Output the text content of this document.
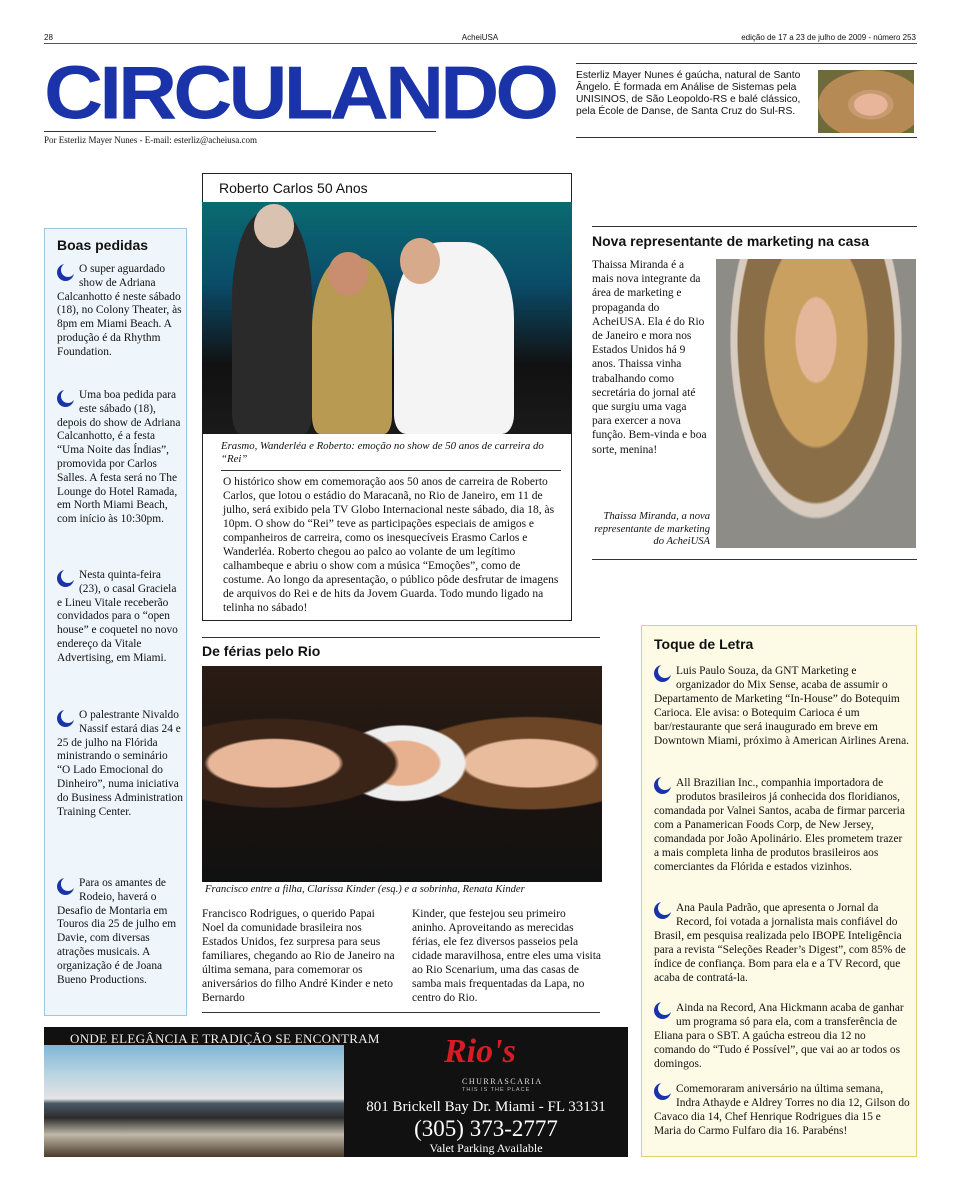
28	AcheiUSA	edição de 17 a 23 de julho de 2009 - número 253
CIRCULANDO
Por Esterliz Mayer Nunes - E-mail: esterliz@acheiusa.com
Esterliz Mayer Nunes é gaúcha, natural de Santo Ângelo. É formada em Análise de Sistemas pela UNISINOS, de São Leopoldo-RS e balé clássico, pela École de Danse, de Santa Cruz do Sul-RS.
Boas pedidas
O super aguardado show de Adriana Calcanhotto é neste sábado (18), no Colony Theater, às 8pm em Miami Beach. A produção é da Rhythm Foundation.
Uma boa pedida para este sábado (18), depois do show de Adriana Calcanhotto, é a festa “Uma Noite das Índias”, promovida por Carlos Salles. A festa será no The Lounge do Hotel Ramada, em North Miami Beach, com início às 10:30pm.
Nesta quinta-feira (23), o casal Graciela e Lineu Vitale receberão convidados para o “open house” e coquetel no novo endereço da Vitale Advertising, em Miami.
O palestrante Nivaldo Nassif estará dias 24 e 25 de julho na Flórida ministrando o seminário “O Lado Emocional do Dinheiro”, numa iniciativa do Business Administration Training Center.
Para os amantes de Rodeio, haverá o Desafio de Montaria em Touros dia 25 de julho em Davie, com diversas atrações musicais. A organização é de Joana Bueno Productions.
Roberto Carlos 50 Anos
Erasmo, Wanderléa e Roberto: emoção no show de 50 anos de carreira do “Rei”
O histórico show em comemoração aos 50 anos de carreira de Roberto Carlos, que lotou o estádio do Maracanã, no Rio de Janeiro, em 11 de julho, será exibido pela TV Globo Internacional neste sábado, dia 18, às 10pm. O show do “Rei” teve as participações especiais de amigos e companheiros de carreira, como os inesquecíveis Erasmo Carlos e Wanderléa. Roberto chegou ao palco ao volante de um legítimo calhambeque e abriu o show com a música “Emoções”, como de costume. Ao longo da apresentação, o público pôde desfrutar de imagens de arquivos do Rei e de hits da Jovem Guarda. Todo mundo ligado na telinha no sábado!
Nova representante de marketing na casa
Thaissa Miranda é a mais nova integrante da área de marketing e propaganda do AcheiUSA. Ela é do Rio de Janeiro e mora nos Estados Unidos há 9 anos. Thaissa vinha trabalhando como secretária do jornal até que surgiu uma vaga para exercer a nova função. Bem-vinda e boa sorte, menina!
Thaissa Miranda, a nova representante de marketing do AcheiUSA
De férias pelo Rio
Francisco entre a filha, Clarissa Kinder (esq.) e a sobrinha, Renata Kinder
Francisco Rodrigues, o querido Papai Noel da comunidade brasileira nos Estados Unidos, fez surpresa para seus familiares, chegando ao Rio de Janeiro na última semana, para comemorar os aniversários do filho André Kinder e neto Bernardo
Kinder, que festejou seu primeiro aninho. Aproveitando as merecidas férias, ele fez diversos passeios pela cidade maravilhosa, entre eles uma visita ao Rio Scenarium, uma das casas de samba mais frequentadas da Lapa, no centro do Rio.
ONDE ELEGÂNCIA E TRADIÇÃO SE ENCONTRAM Rio's
CHURRASCARIA
THIS IS THE PLACE
801 Brickell Bay Dr. Miami - FL 33131
(305) 373-2777
Valet Parking Available
Toque de Letra
Luis Paulo Souza, da GNT Marketing e organizador do Mix Sense, acaba de assumir o Departamento de Marketing “In-House” do Botequim Carioca. Ele avisa: o Botequim Carioca é um bar/restaurante que será inaugurado em breve em Downtown Miami, próximo à American Airlines Arena.
All Brazilian Inc., companhia importadora de produtos brasileiros já conhecida dos floridianos, comandada por Valnei Santos, acaba de firmar parceria com a Panamerican Foods Corp, de New Jersey, comandada por João Apolinário. Eles prometem trazer a mais completa linha de produtos brasileiros aos comerciantes da Flórida e estados vizinhos.
Ana Paula Padrão, que apresenta o Jornal da Record, foi votada a jornalista mais confiável do Brasil, em pesquisa realizada pelo IBOPE Inteligência para a revista “Seleções Reader’s Digest”, com 85% de índice de confiança. Bom para ela e a TV Record, que acaba de contratá-la.
Ainda na Record, Ana Hickmann acaba de ganhar um programa só para ela, com a transferência de Eliana para o SBT. A gaúcha estreou dia 12 no comando do “Tudo é Possível”, que vai ao ar todos os domingos.
Comemoraram aniversário na última semana, Indra Athayde e Aldrey Torres no dia 12, Gilson do Cavaco dia 14, Chef Henrique Rodrigues dia 15 e Maria do Carmo Fulfaro dia 16. Parabéns!
